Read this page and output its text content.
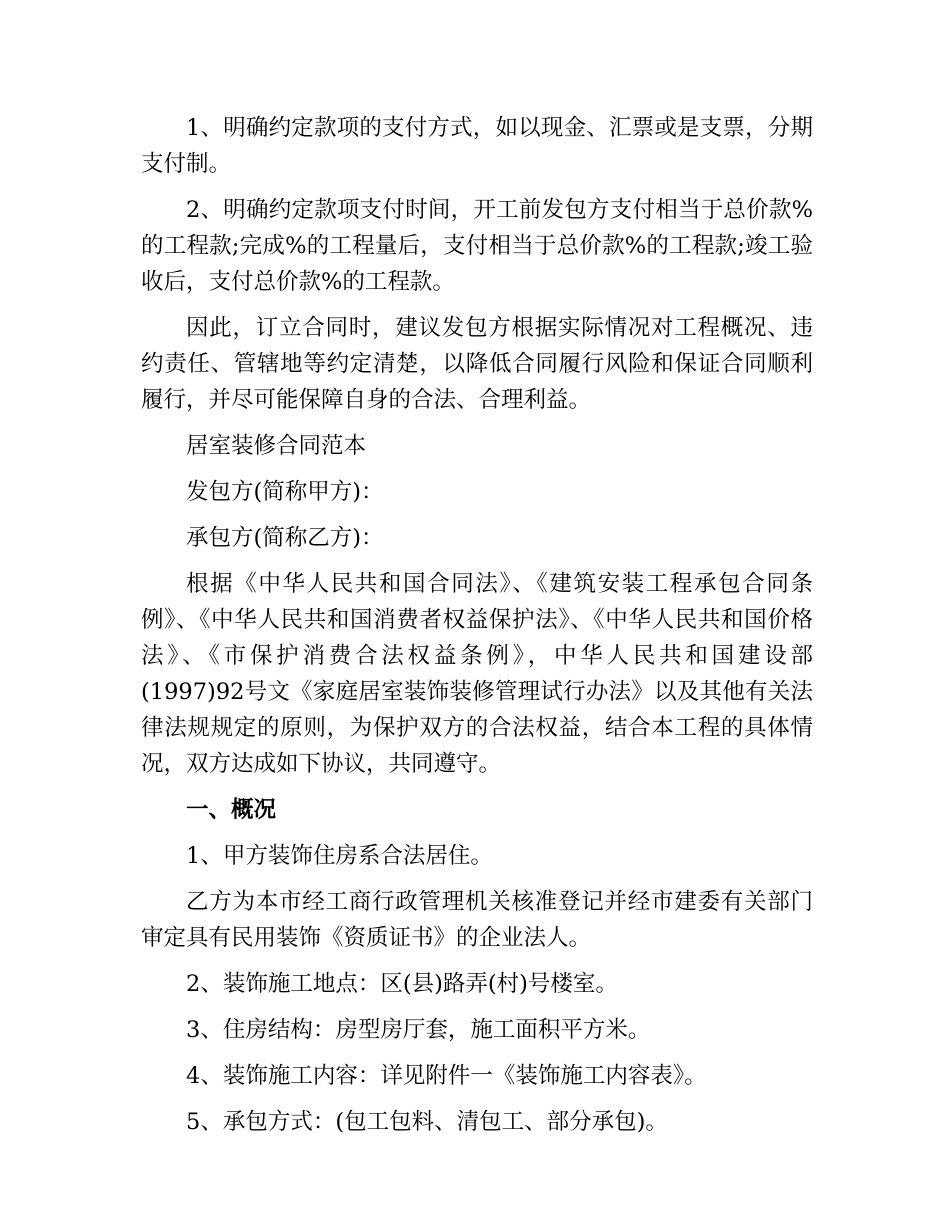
1、明确约定款项的支付方式，如以现金、汇票或是支票，分期支付制。

2、明确约定款项支付时间，开工前发包方支付相当于总价款%的工程款;完成%的工程量后，支付相当于总价款%的工程款;竣工验收后，支付总价款%的工程款。

因此，订立合同时，建议发包方根据实际情况对工程概况、违约责任、管辖地等约定清楚，以降低合同履行风险和保证合同顺利履行，并尽可能保障自身的合法、合理利益。

居室装修合同范本

发包方(简称甲方)：

承包方(简称乙方)：

根据《中华人民共和国合同法》、《建筑安装工程承包合同条例》、《中华人民共和国消费者权益保护法》、《中华人民共和国价格法》、《市保护消费合法权益条例》，中华人民共和国建设部(1997)92号文《家庭居室装饰装修管理试行办法》以及其他有关法律法规规定的原则，为保护双方的合法权益，结合本工程的具体情况，双方达成如下协议，共同遵守。

一、概况

1、甲方装饰住房系合法居住。

乙方为本市经工商行政管理机关核准登记并经市建委有关部门审定具有民用装饰《资质证书》的企业法人。

2、装饰施工地点：区(县)路弄(村)号楼室。

3、住房结构：房型房厅套，施工面积平方米。

4、装饰施工内容：详见附件一《装饰施工内容表》。

5、承包方式：(包工包料、清包工、部分承包)。
